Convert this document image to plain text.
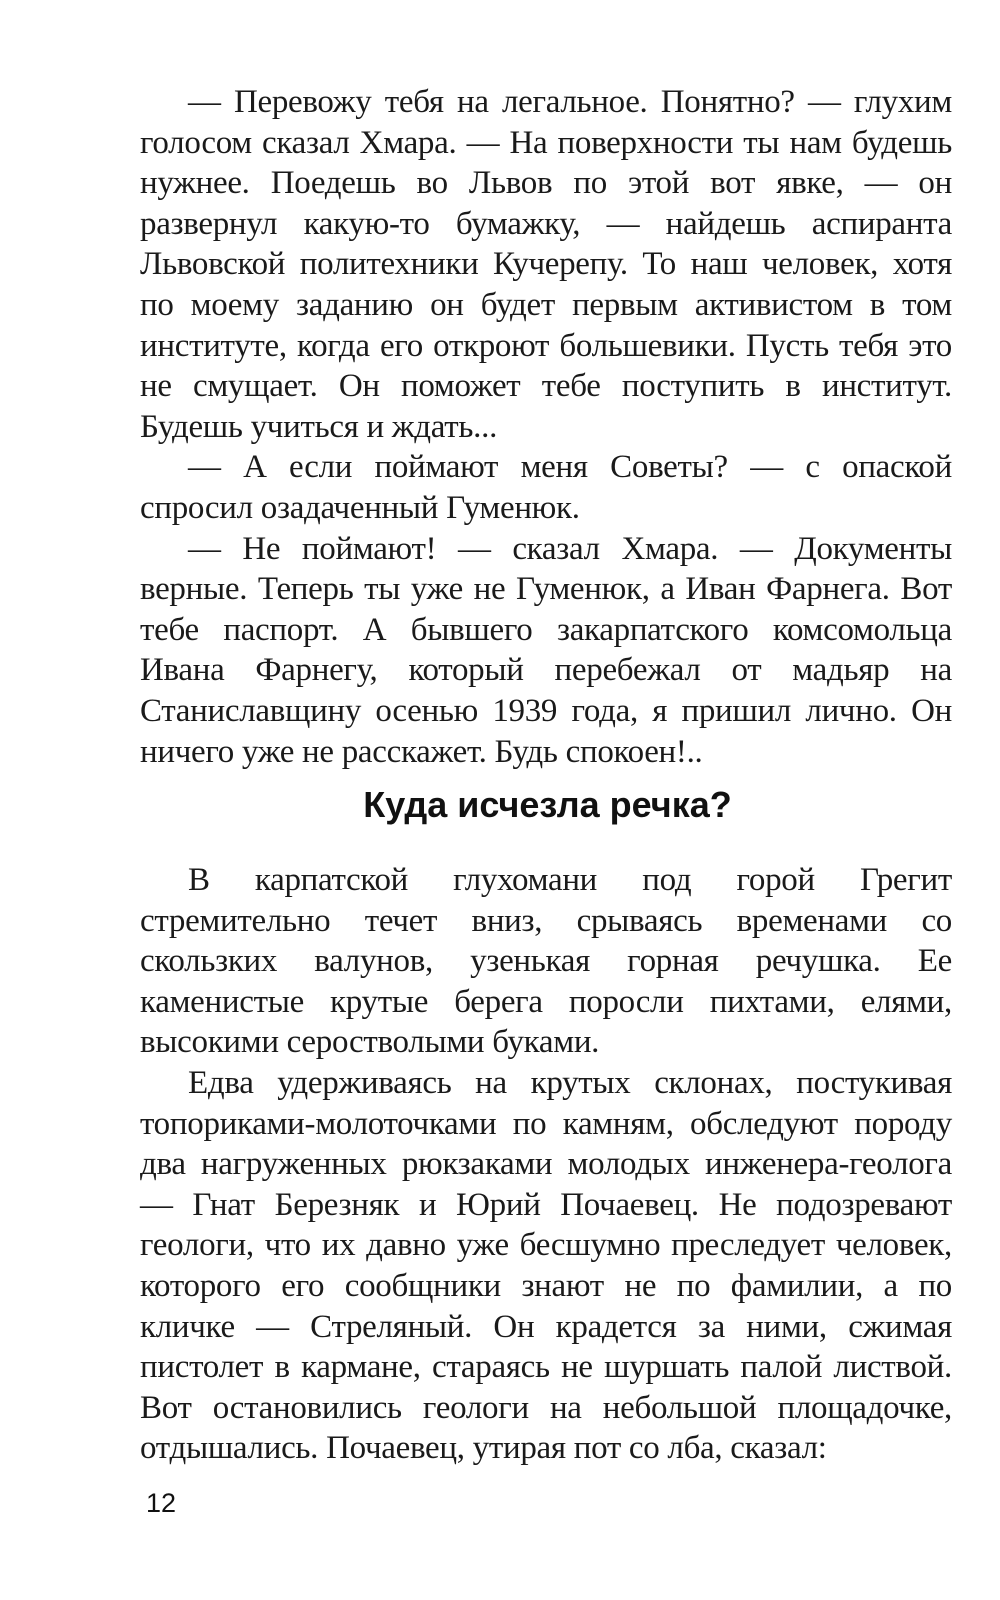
— Перевожу тебя на легальное. Понятно? — глухим голосом сказал Хмара. — На поверхности ты нам будешь нужнее. Поедешь во Львов по этой вот явке, — он развернул какую-то бумажку, — найдешь аспиранта Львовской политехники Кучерепу. То наш человек, хотя по моему заданию он будет первым активистом в том институте, когда его откроют большевики. Пусть тебя это не смущает. Он поможет тебе поступить в институт. Будешь учиться и ждать...

— А если поймают меня Советы? — с опаской спросил озадаченный Гуменюк.

— Не поймают! — сказал Хмара. — Документы верные. Теперь ты уже не Гуменюк, а Иван Фарнега. Вот тебе паспорт. А бывшего закарпатского комсомольца Ивана Фарнегу, который перебежал от мадьяр на Станиславщину осенью 1939 года, я пришил лично. Он ничего уже не расскажет. Будь спокоен!..

Куда исчезла речка?

В карпатской глухомани под горой Грегит стремительно течет вниз, срываясь временами со скользких валунов, узенькая горная речушка. Ее каменистые крутые берега поросли пихтами, елями, высокими серостволыми буками.

Едва удерживаясь на крутых склонах, постукивая топориками-молоточками по камням, обследуют породу два нагруженных рюкзаками молодых инженера-геолога — Гнат Березняк и Юрий Почаевец. Не подозревают геологи, что их давно уже бесшумно преследует человек, которого его сообщники знают не по фамилии, а по кличке — Стреляный. Он крадется за ними, сжимая пистолет в кармане, стараясь не шуршать палой листвой. Вот остановились геологи на небольшой площадочке, отдышались. Почаевец, утирая пот со лба, сказал:

12
